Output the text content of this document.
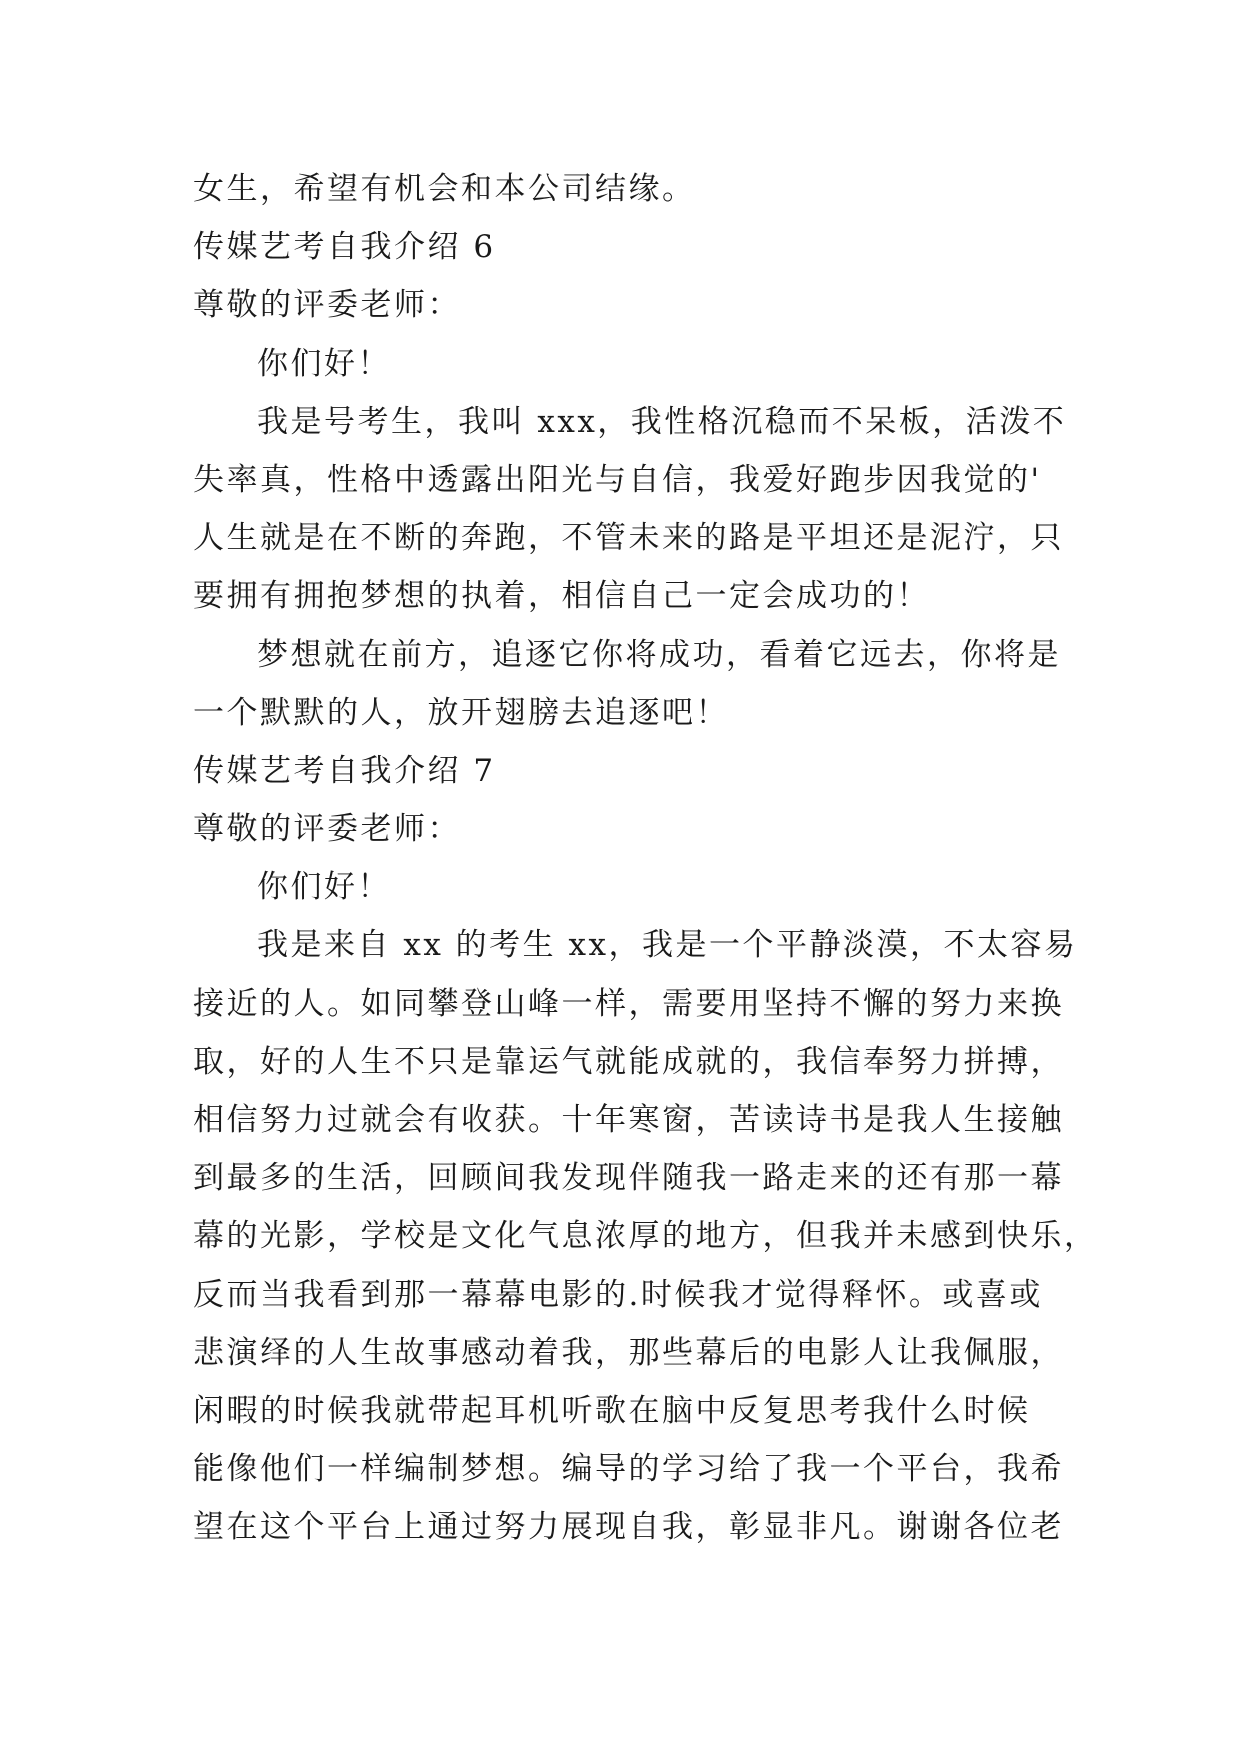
女生，希望有机会和本公司结缘。
传媒艺考自我介绍 6
尊敬的评委老师：
你们好！
我是号考生，我叫 xxx，我性格沉稳而不呆板，活泼不
失率真，性格中透露出阳光与自信，我爱好跑步因我觉的'
人生就是在不断的奔跑，不管未来的路是平坦还是泥泞，只
要拥有拥抱梦想的执着，相信自己一定会成功的！
梦想就在前方，追逐它你将成功，看着它远去，你将是
一个默默的人，放开翅膀去追逐吧！
传媒艺考自我介绍 7
尊敬的评委老师：
你们好！
我是来自 xx 的考生 xx，我是一个平静淡漠，不太容易
接近的人。如同攀登山峰一样，需要用坚持不懈的努力来换
取，好的人生不只是靠运气就能成就的，我信奉努力拼搏，
相信努力过就会有收获。十年寒窗，苦读诗书是我人生接触
到最多的生活，回顾间我发现伴随我一路走来的还有那一幕
幕的光影，学校是文化气息浓厚的地方，但我并未感到快乐，
反而当我看到那一幕幕电影的.时候我才觉得释怀。或喜或
悲演绎的人生故事感动着我，那些幕后的电影人让我佩服，
闲暇的时候我就带起耳机听歌在脑中反复思考我什么时候
能像他们一样编制梦想。编导的学习给了我一个平台，我希
望在这个平台上通过努力展现自我，彰显非凡。谢谢各位老
